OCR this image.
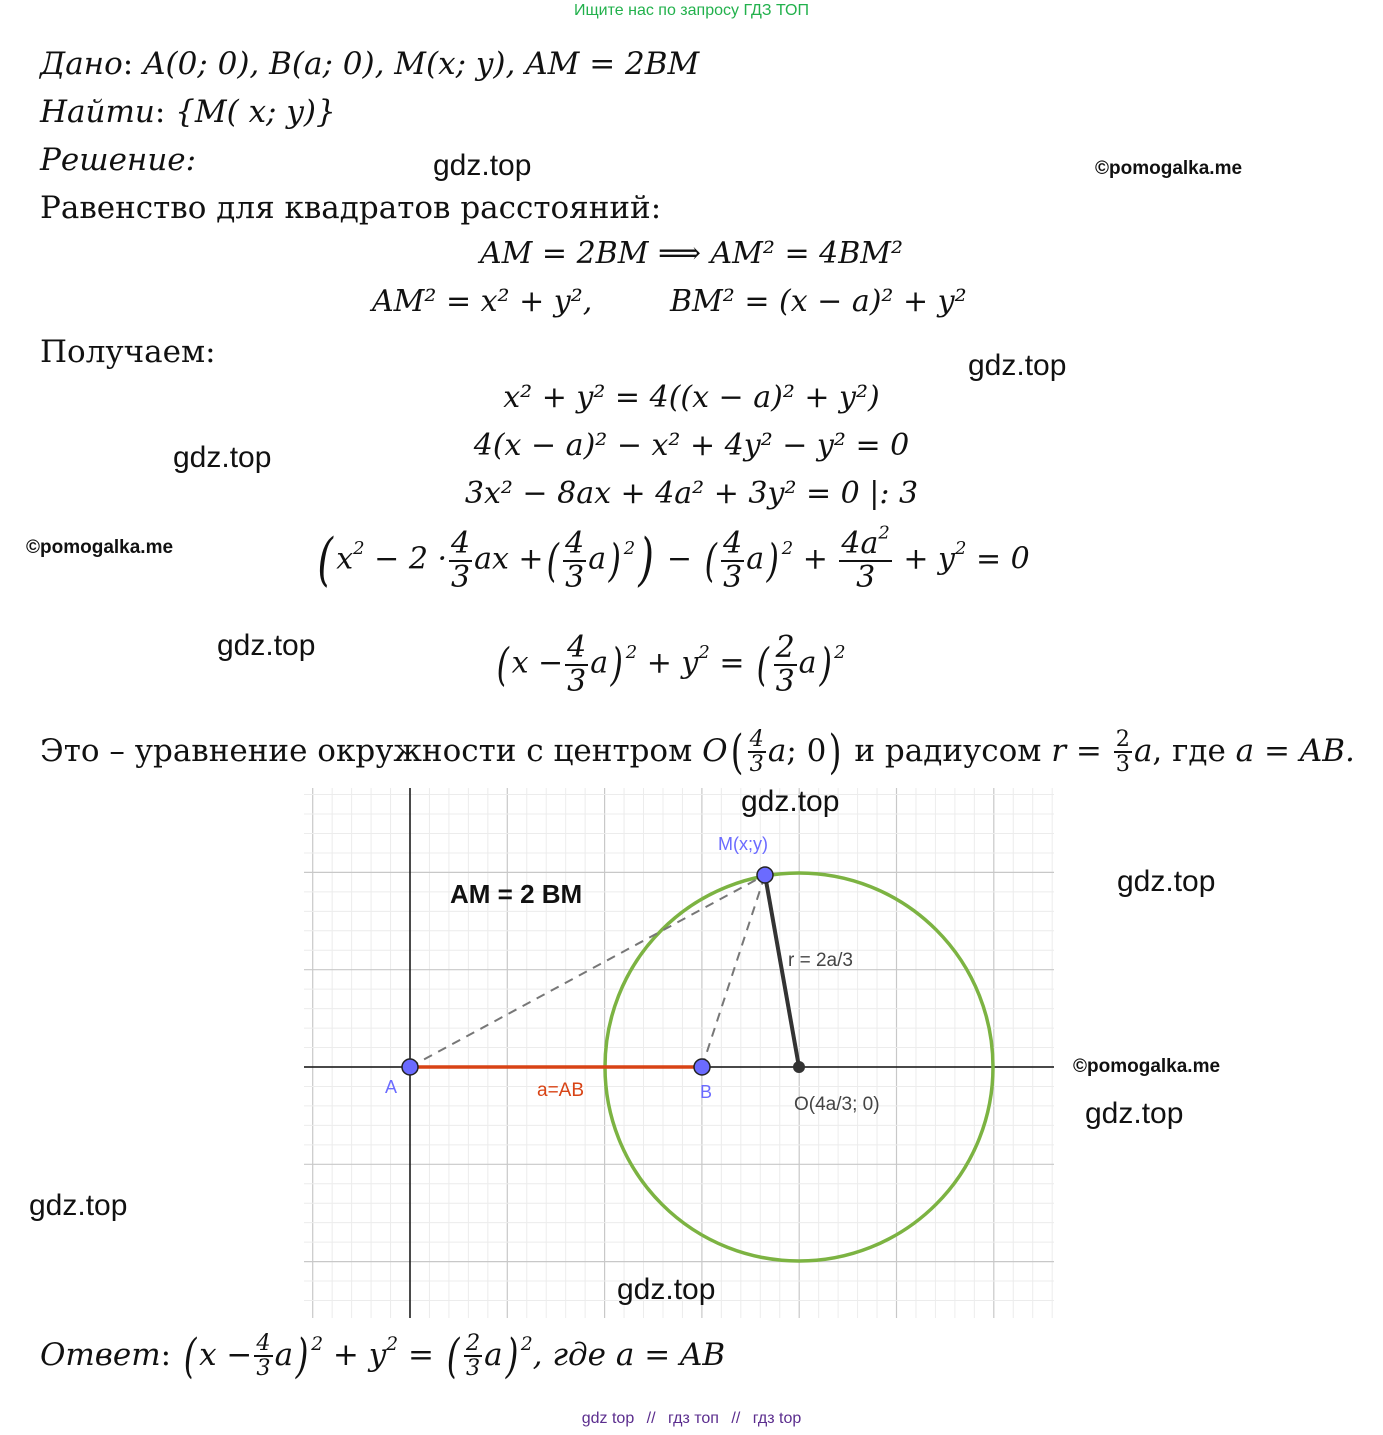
Ищите нас по запросу ГДЗ ТОП
Дано: A(0; 0), B(a; 0), M(x; y), AM = 2BM
Найти: {M( x; y)}
Решение:
Равенство для квадратов расстояний:
AM = 2BM ⟹ AM² = 4BM²
AM² = x² + y²,	BM² = (x − a)² + y²
Получаем:
x² + y² = 4((x − a)² + y²)
4(x − a)² − x² + 4y² − y² = 0
3x² − 8ax + 4a² + 3y² = 0 |: 3
( $x^2 - 2 \cdot \frac{4}{3}$ ax +( $\frac{4}{3} a$) $^2$) − ( $\frac{4}{3} a$) $^2 + \frac{4a^2}{3} + y^2 = 0$
$(x - \frac{4}{3} a)$ $^2 + y^2$ = ( $\frac{2}{3} a$) $^2$
Это – уравнение окружности с центром $O( \frac{4}{3} a$; 0) и радиусом $r = \frac{2}{3} a$, где a = AB.
AM = 2 BM
A	B
M(x;y)
O(4a/3; 0)
r = 2a/3
a=AB
gdz.top	©pomogalka.me
gdz.top
gdz.top
©pomogalka.me
gdz.top
gdz.top
gdz.top
©pomogalka.me
gdz.top
gdz.top
gdz.top
Ответ: $(x - \frac{4}{3} a)$ $^2 + y^2$ = ( $\frac{2}{3} a$) $^2$, где a = AB
gdz top // гдз топ // гдз top
